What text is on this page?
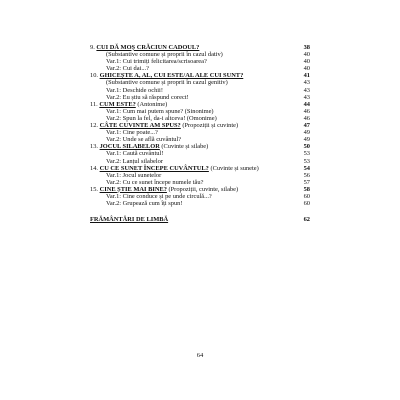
9. CUI DĂ MOȘ CRĂCIUN CADOUL?	38
(Substantive comune și proprii în cazul dativ)	40
Var.1: Cui trimiți felicitarea/scrisoarea?	40
Var.2: Cui dai...?	40
10. GHICEȘTE A, AL, CUI ESTE/AL ALE CUI SUNT?	41
(Substantive comune și proprii în cazul genitiv)	43
Var.1: Deschide ochii!	43
Var.2: Eu știu să răspund corect!	43
11. CUM ESTE? (Antonime)	44
Var.1: Cum mai putem spune? (Sinonime)	46
Var.2: Spun la fel, da-i altceva! (Omonime)	46
12. CÂTE CUVINTE AM SPUS? (Propoziții și cuvinte)	47
Var.1: Cine poate...?	49
Var.2: Unde se află cuvântul?	49
13. JOCUL SILABELOR (Cuvinte și silabe)	50
Var.1: Caută cuvântul!	53
Var.2: Lanțul silabelor	53
14. CU CE SUNET ÎNCEPE CUVÂNTUL? (Cuvinte și sunete)	54
Var.1: Jocul sunetelor	56
Var.2: Cu ce sunet începe numele tău?	57
15. CINE ȘTIE MAI BINE? (Propoziții, cuvinte, silabe)	58
Var.1: Cine conduce și pe unde circulă...?	60
Var.2: Grupează cum îți spun!	60
FRĂMÂNTĂRI DE LIMBĂ	62
64
